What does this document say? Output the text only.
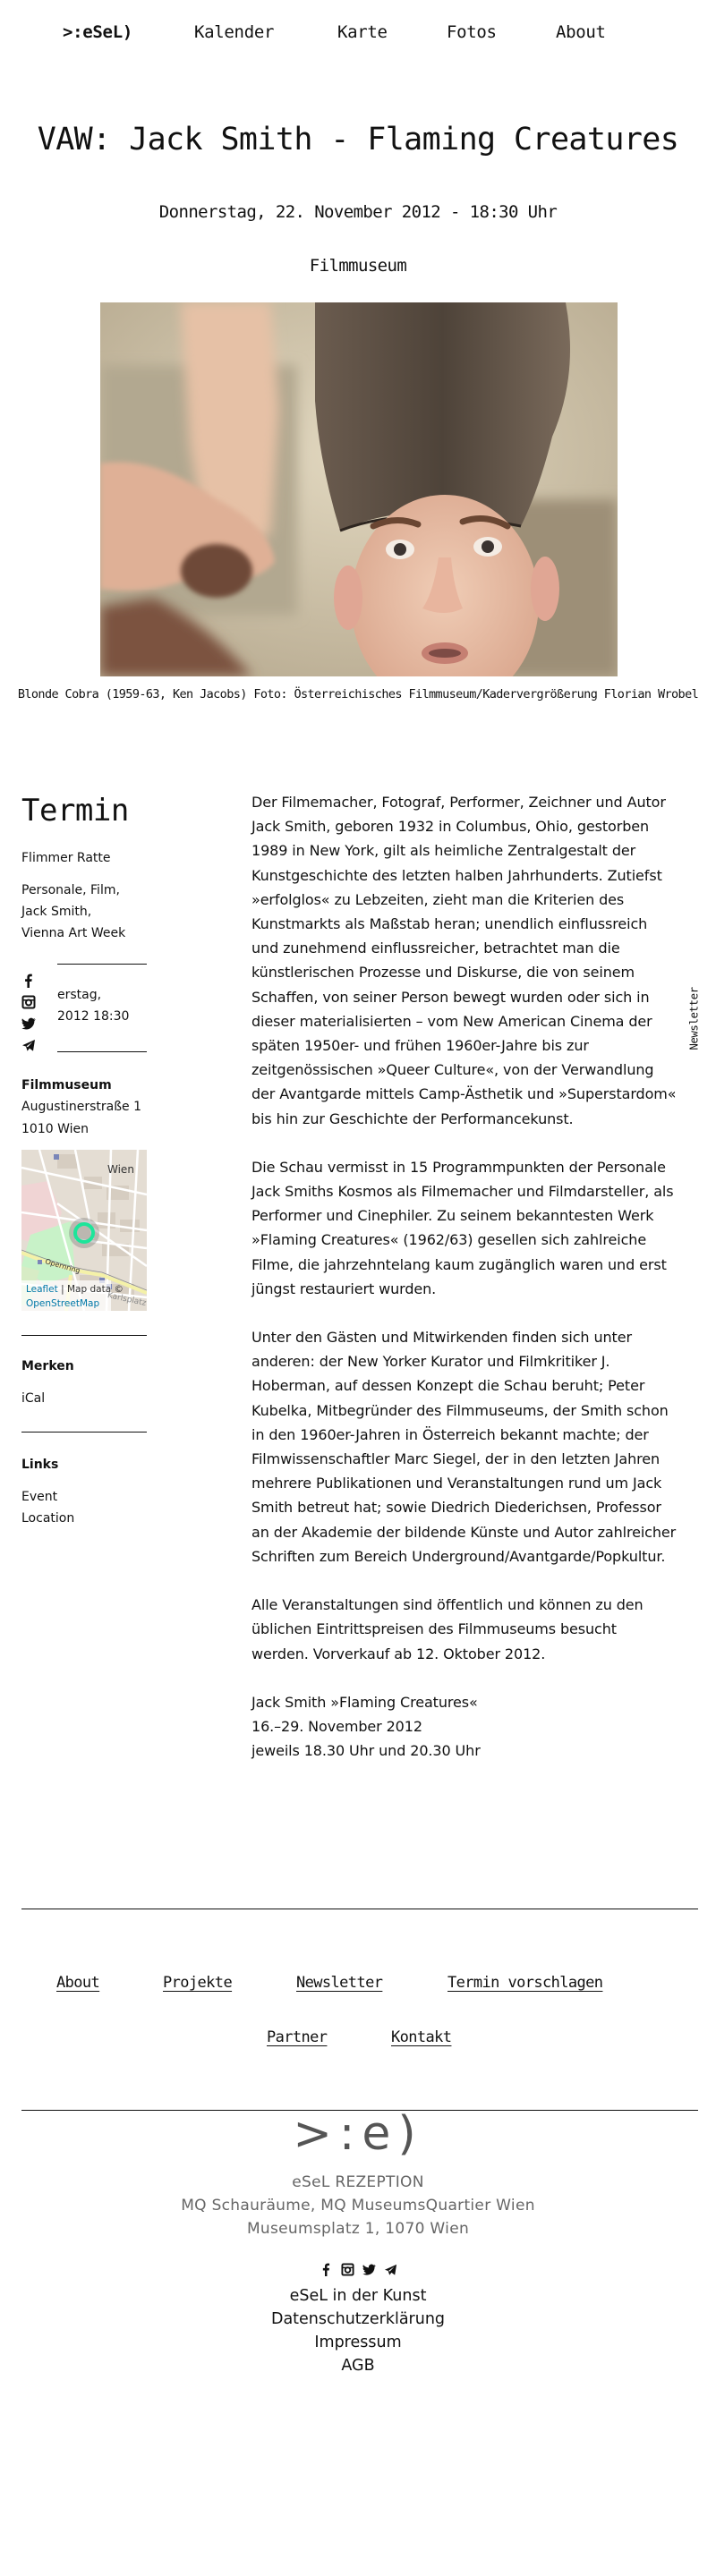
>:eSeL)	Kalender	Karte	Fotos	About
VAW: Jack Smith - Flaming Creatures
Donnerstag, 22. November 2012 - 18:30 Uhr
Filmmuseum
Blonde Cobra (1959-63, Ken Jacobs) Foto: Österreichisches Filmmuseum/Kadervergrößerung Florian Wrobel
Termin
Flimmer Ratte
Personale, Film,
Jack Smith,
Vienna Art Week
erstag,
2012 18:30
Filmmuseum
Augustinerstraße 1
1010 Wien
Wien
Opernring
Leaflet | Map data ©
OpenStreetMap Karlsplatz
Merken
iCal
Links
Event
Location

Der Filmemacher, Fotograf, Performer, Zeichner und Autor Jack Smith, geboren 1932 in Columbus, Ohio, gestorben 1989 in New York, gilt als heimliche Zentralgestalt der Kunstgeschichte des letzten halben Jahrhunderts. Zutiefst »erfolglos« zu Lebzeiten, zieht man die Kriterien des Kunstmarkts als Maßstab heran; unendlich einflussreich und zunehmend einflussreicher, betrachtet man die künstlerischen Prozesse und Diskurse, die von seinem Schaffen, von seiner Person bewegt wurden oder sich in dieser materialisierten – vom New American Cinema der späten 1950er- und frühen 1960er-Jahre bis zur zeitgenössischen »Queer Culture«, von der Verwandlung der Avantgarde mittels Camp-Ästhetik und »Superstardom« bis hin zur Geschichte der Performancekunst.

Die Schau vermisst in 15 Programmpunkten der Personale Jack Smiths Kosmos als Filmemacher und Filmdarsteller, als Performer und Cinephiler. Zu seinem bekanntesten Werk »Flaming Creatures« (1962/63) gesellen sich zahlreiche Filme, die jahrzehntelang kaum zugänglich waren und erst jüngst restauriert wurden.

Unter den Gästen und Mitwirkenden finden sich unter anderen: der New Yorker Kurator und Filmkritiker J. Hoberman, auf dessen Konzept die Schau beruht; Peter Kubelka, Mitbegründer des Filmmuseums, der Smith schon in den 1960er-Jahren in Österreich bekannt machte; der Filmwissenschaftler Marc Siegel, der in den letzten Jahren mehrere Publikationen und Veranstaltungen rund um Jack Smith betreut hat; sowie Diedrich Diederichsen, Professor an der Akademie der bildende Künste und Autor zahlreicher Schriften zum Bereich Underground/Avantgarde/Popkultur.

Alle Veranstaltungen sind öffentlich und können zu den üblichen Eintrittspreisen des Filmmuseums besucht werden. Vorverkauf ab 12. Oktober 2012.

Jack Smith »Flaming Creatures«
16.–29. November 2012
jeweils 18.30 Uhr und 20.30 Uhr
Newsletter
About	Projekte	Newsletter	Termin vorschlagen
Partner	Kontakt
>:e)
eSeL REZEPTION
MQ Schauräume, MQ MuseumsQuartier Wien
Museumsplatz 1, 1070 Wien
eSeL in der Kunst
Datenschutzerklärung
Impressum
AGB
